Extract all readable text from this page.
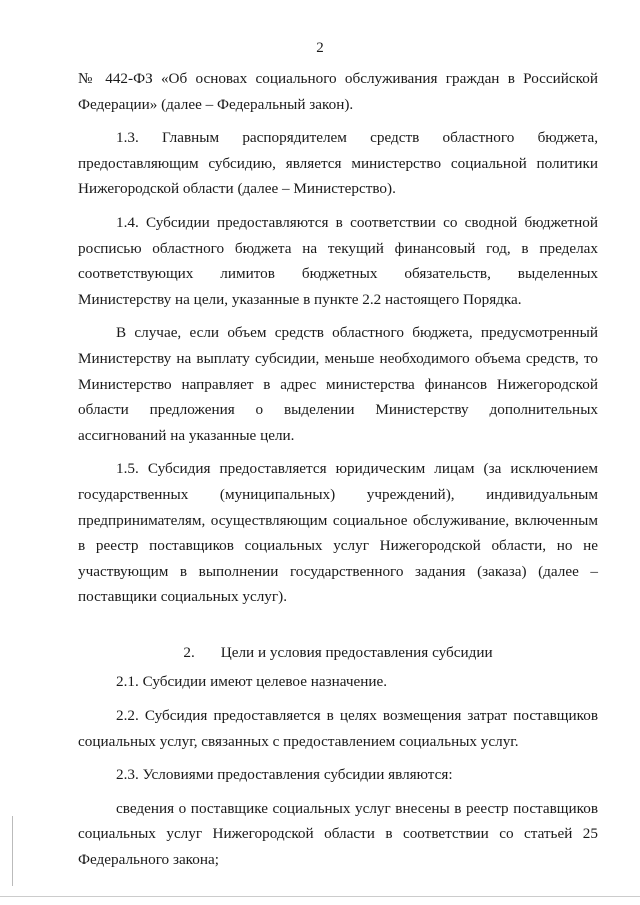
2

№ 442-ФЗ «Об основах социального обслуживания граждан в Российской Федерации» (далее – Федеральный закон).

1.3. Главным распорядителем средств областного бюджета, предоставляющим субсидию, является министерство социальной политики Нижегородской области (далее – Министерство).

1.4. Субсидии предоставляются в соответствии со сводной бюджетной росписью областного бюджета на текущий финансовый год, в пределах соответствующих лимитов бюджетных обязательств, выделенных Министерству на цели, указанные в пункте 2.2 настоящего Порядка.

В случае, если объем средств областного бюджета, предусмотренный Министерству на выплату субсидии, меньше необходимого объема средств, то Министерство направляет в адрес министерства финансов Нижегородской области предложения о выделении Министерству дополнительных ассигнований на указанные цели.

1.5. Субсидия предоставляется юридическим лицам (за исключением государственных (муниципальных) учреждений), индивидуальным предпринимателям, осуществляющим социальное обслуживание, включенным в реестр поставщиков социальных услуг Нижегородской области, но не участвующим в выполнении государственного задания (заказа) (далее – поставщики социальных услуг).

2. Цели и условия предоставления субсидии

2.1. Субсидии имеют целевое назначение.

2.2. Субсидия предоставляется в целях возмещения затрат поставщиков социальных услуг, связанных с предоставлением социальных услуг.

2.3. Условиями предоставления субсидии являются:

сведения о поставщике социальных услуг внесены в реестр поставщиков социальных услуг Нижегородской области в соответствии со статьей 25 Федерального закона;
